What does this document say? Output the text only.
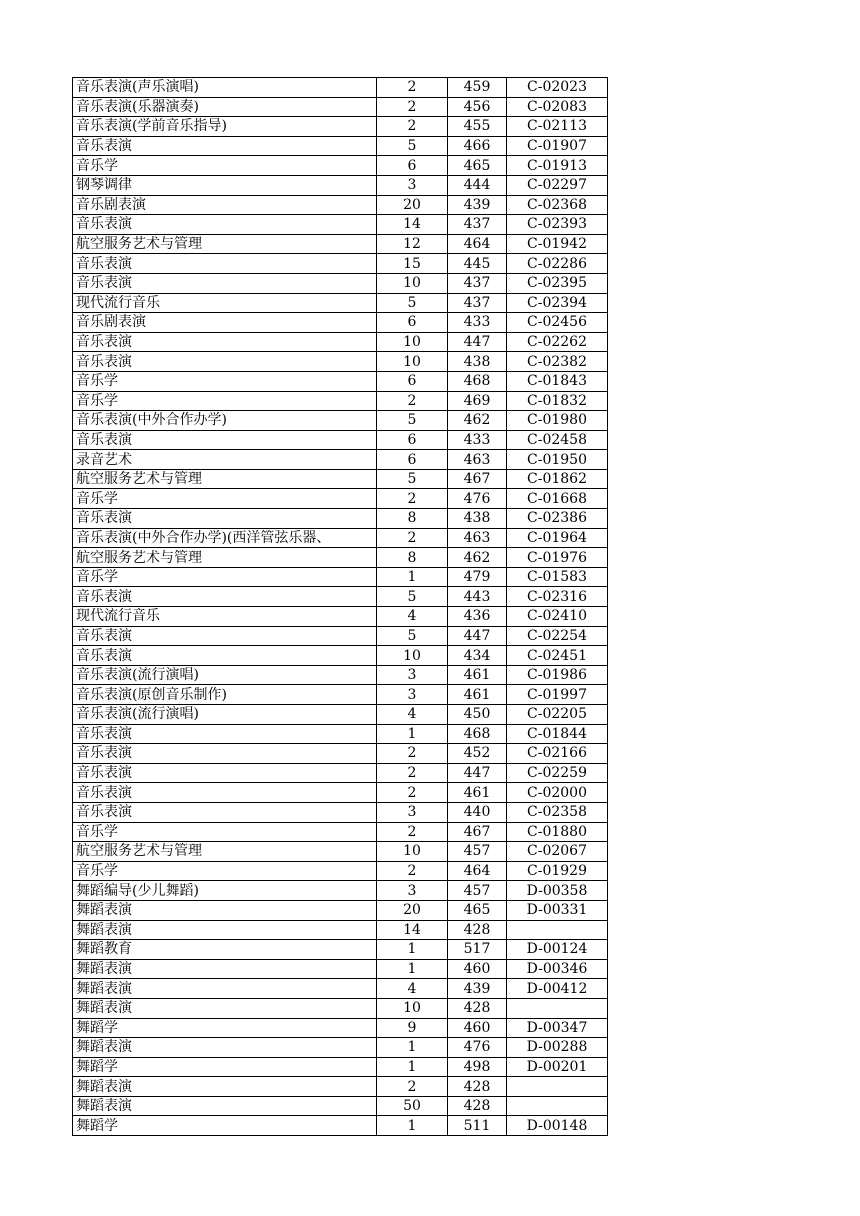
音乐表演(声乐演唱)	2	459	C-02023
音乐表演(乐器演奏)	2	456	C-02083
音乐表演(学前音乐指导)	2	455	C-02113
音乐表演	5	466	C-01907
音乐学	6	465	C-01913
钢琴调律	3	444	C-02297
音乐剧表演	20	439	C-02368
音乐表演	14	437	C-02393
航空服务艺术与管理	12	464	C-01942
音乐表演	15	445	C-02286
音乐表演	10	437	C-02395
现代流行音乐	5	437	C-02394
音乐剧表演	6	433	C-02456
音乐表演	10	447	C-02262
音乐表演	10	438	C-02382
音乐学	6	468	C-01843
音乐学	2	469	C-01832
音乐表演(中外合作办学)	5	462	C-01980
音乐表演	6	433	C-02458
录音艺术	6	463	C-01950
航空服务艺术与管理	5	467	C-01862
音乐学	2	476	C-01668
音乐表演	8	438	C-02386
音乐表演(中外合作办学)(西洋管弦乐器、	2	463	C-01964
航空服务艺术与管理	8	462	C-01976
音乐学	1	479	C-01583
音乐表演	5	443	C-02316
现代流行音乐	4	436	C-02410
音乐表演	5	447	C-02254
音乐表演	10	434	C-02451
音乐表演(流行演唱)	3	461	C-01986
音乐表演(原创音乐制作)	3	461	C-01997
音乐表演(流行演唱)	4	450	C-02205
音乐表演	1	468	C-01844
音乐表演	2	452	C-02166
音乐表演	2	447	C-02259
音乐表演	2	461	C-02000
音乐表演	3	440	C-02358
音乐学	2	467	C-01880
航空服务艺术与管理	10	457	C-02067
音乐学	2	464	C-01929
舞蹈编导(少儿舞蹈)	3	457	D-00358
舞蹈表演	20	465	D-00331
舞蹈表演	14	428	
舞蹈教育	1	517	D-00124
舞蹈表演	1	460	D-00346
舞蹈表演	4	439	D-00412
舞蹈表演	10	428	
舞蹈学	9	460	D-00347
舞蹈表演	1	476	D-00288
舞蹈学	1	498	D-00201
舞蹈表演	2	428	
舞蹈表演	50	428	
舞蹈学	1	511	D-00148
